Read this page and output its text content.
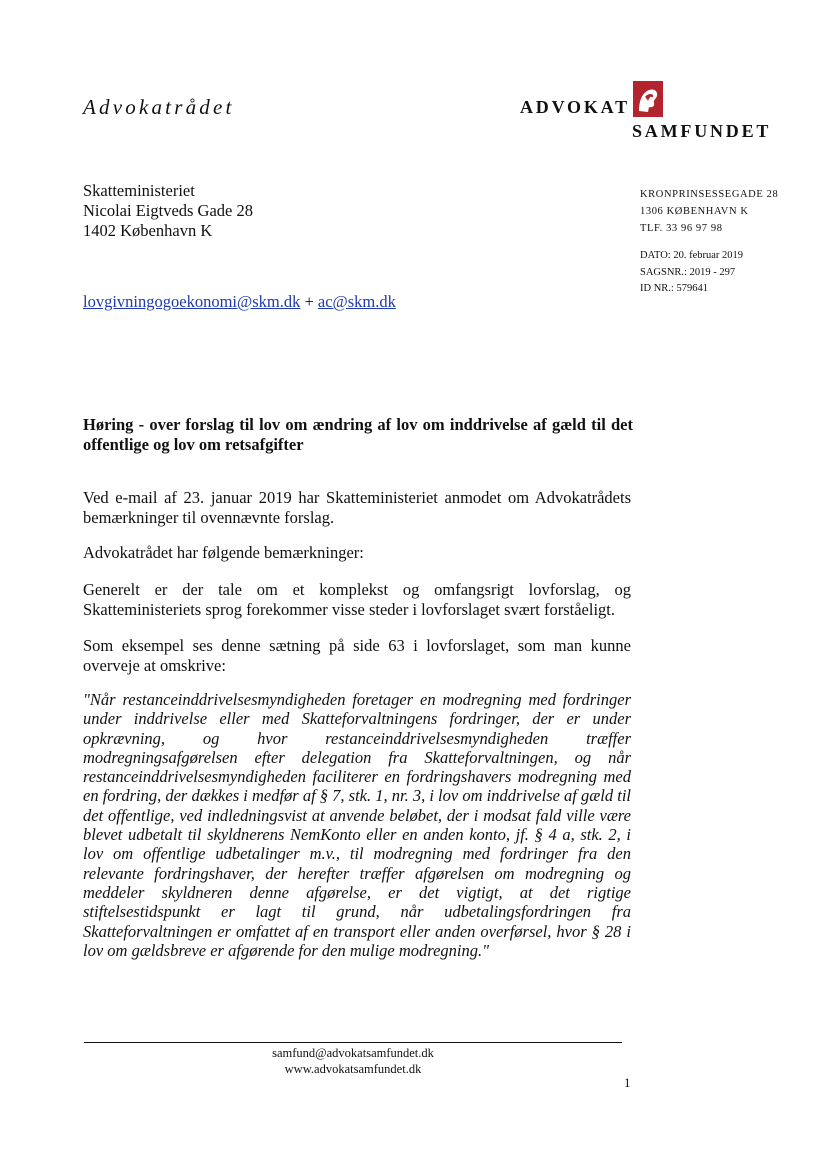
Advokatrådet	ADVOKAT
SAMFUNDET
Skatteministeriet
Nicolai Eigtveds Gade 28
1402 København K
KRONPRINSESSEGADE 28
1306 KØBENHAVN K
TLF. 33 96 97 98
DATO: 20. februar 2019
SAGSNR.: 2019 - 297
ID NR.: 579641
lovgivningogoekonomi@skm.dk + ac@skm.dk
Høring - over forslag til lov om ændring af lov om inddrivelse af gæld til det offentlige og lov om retsafgifter
Ved e-mail af 23. januar 2019 har Skatteministeriet anmodet om Advokatrådets bemærkninger til ovennævnte forslag.
Advokatrådet har følgende bemærkninger:
Generelt er der tale om et komplekst og omfangsrigt lovforslag, og Skatteministeriets sprog forekommer visse steder i lovforslaget svært forståeligt.
Som eksempel ses denne sætning på side 63 i lovforslaget, som man kunne overveje at omskrive:
"Når restanceinddrivelsesmyndigheden foretager en modregning med fordringer under inddrivelse eller med Skatteforvaltningens fordringer, der er under opkrævning, og hvor restanceinddrivelsesmyndigheden træffer modregningsafgørelsen efter delegation fra Skatteforvaltningen, og når restanceinddrivelsesmyndigheden faciliterer en fordringshavers modregning med en fordring, der dækkes i medfør af § 7, stk. 1, nr. 3, i lov om inddrivelse af gæld til det offentlige, ved indledningsvist at anvende beløbet, der i modsat fald ville være blevet udbetalt til skyldnerens NemKonto eller en anden konto, jf. § 4 a, stk. 2, i lov om offentlige udbetalinger m.v., til modregning med fordringer fra den relevante fordringshaver, der herefter træffer afgørelsen om modregning og meddeler skyldneren denne afgørelse, er det vigtigt, at det rigtige stiftelsestidspunkt er lagt til grund, når udbetalingsfordringen fra Skatteforvaltningen er omfattet af en transport eller anden overførsel, hvor § 28 i lov om gældsbreve er afgørende for den mulige modregning."
samfund@advokatsamfundet.dk
www.advokatsamfundet.dk
1
